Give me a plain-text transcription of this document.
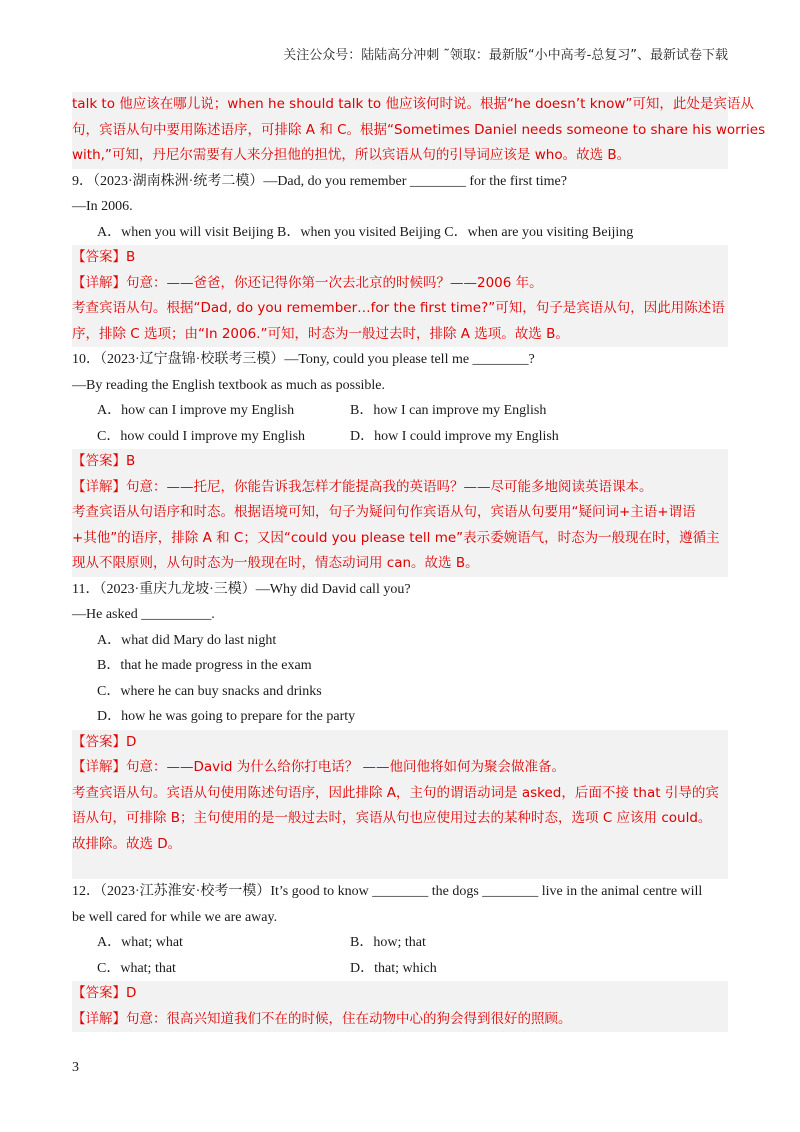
关注公众号：陆陆高分冲刺 ˜领取：最新版“小中高考-总复习”、最新试卷下载
talk to 他应该在哪儿说；when he should talk to 他应该何时说。根据“he doesn’t know”可知，此处是宾语从
句，宾语从句中要用陈述语序，可排除 A 和 C。根据“Sometimes Daniel needs someone to share his worries
with,”可知，丹尼尔需要有人来分担他的担忧，所以宾语从句的引导词应该是 who。故选 B。
9．（2023·湖南株洲·统考二模）—Dad, do you remember ________ for the first time?
—In 2006.
A．when you will visit Beijing B．when you visited Beijing C．when are you visiting Beijing
【答案】B
【详解】句意：——爸爸，你还记得你第一次去北京的时候吗？——2006 年。
考查宾语从句。根据“Dad, do you remember…for the first time?”可知，句子是宾语从句，因此用陈述语
序，排除 C 选项；由“In 2006.”可知，时态为一般过去时，排除 A 选项。故选 B。
10．（2023·辽宁盘锦·校联考三模）—Tony, could you please tell me ________?
—By reading the English textbook as much as possible.
A．how can I improve my English	B．how I can improve my English
C．how could I improve my English	D．how I could improve my English
【答案】B
【详解】句意：——托尼，你能告诉我怎样才能提高我的英语吗？——尽可能多地阅读英语课本。
考查宾语从句语序和时态。根据语境可知，句子为疑问句作宾语从句，宾语从句要用“疑问词+主语+谓语
+其他”的语序，排除 A 和 C；又因“could you please tell me”表示委婉语气，时态为一般现在时，遵循主
现从不限原则，从句时态为一般现在时，情态动词用 can。故选 B。
11．（2023·重庆九龙坡·三模）—Why did David call you?
—He asked __________.
A．what did Mary do last night
B．that he made progress in the exam
C．where he can buy snacks and drinks
D．how he was going to prepare for the party
【答案】D
【详解】句意：——David 为什么给你打电话？ ——他问他将如何为聚会做准备。
考查宾语从句。宾语从句使用陈述句语序，因此排除 A，主句的谓语动词是 asked，后面不接 that 引导的宾
语从句，可排除 B；主句使用的是一般过去时，宾语从句也应使用过去的某种时态，选项 C 应该用 could。
故排除。故选 D。
12．（2023·江苏淮安·校考一模）It’s good to know ________ the dogs ________ live in the animal centre will
be well cared for while we are away.
A．what; what	B．how; that
C．what; that	D．that; which
【答案】D
【详解】句意：很高兴知道我们不在的时候，住在动物中心的狗会得到很好的照顾。
3
